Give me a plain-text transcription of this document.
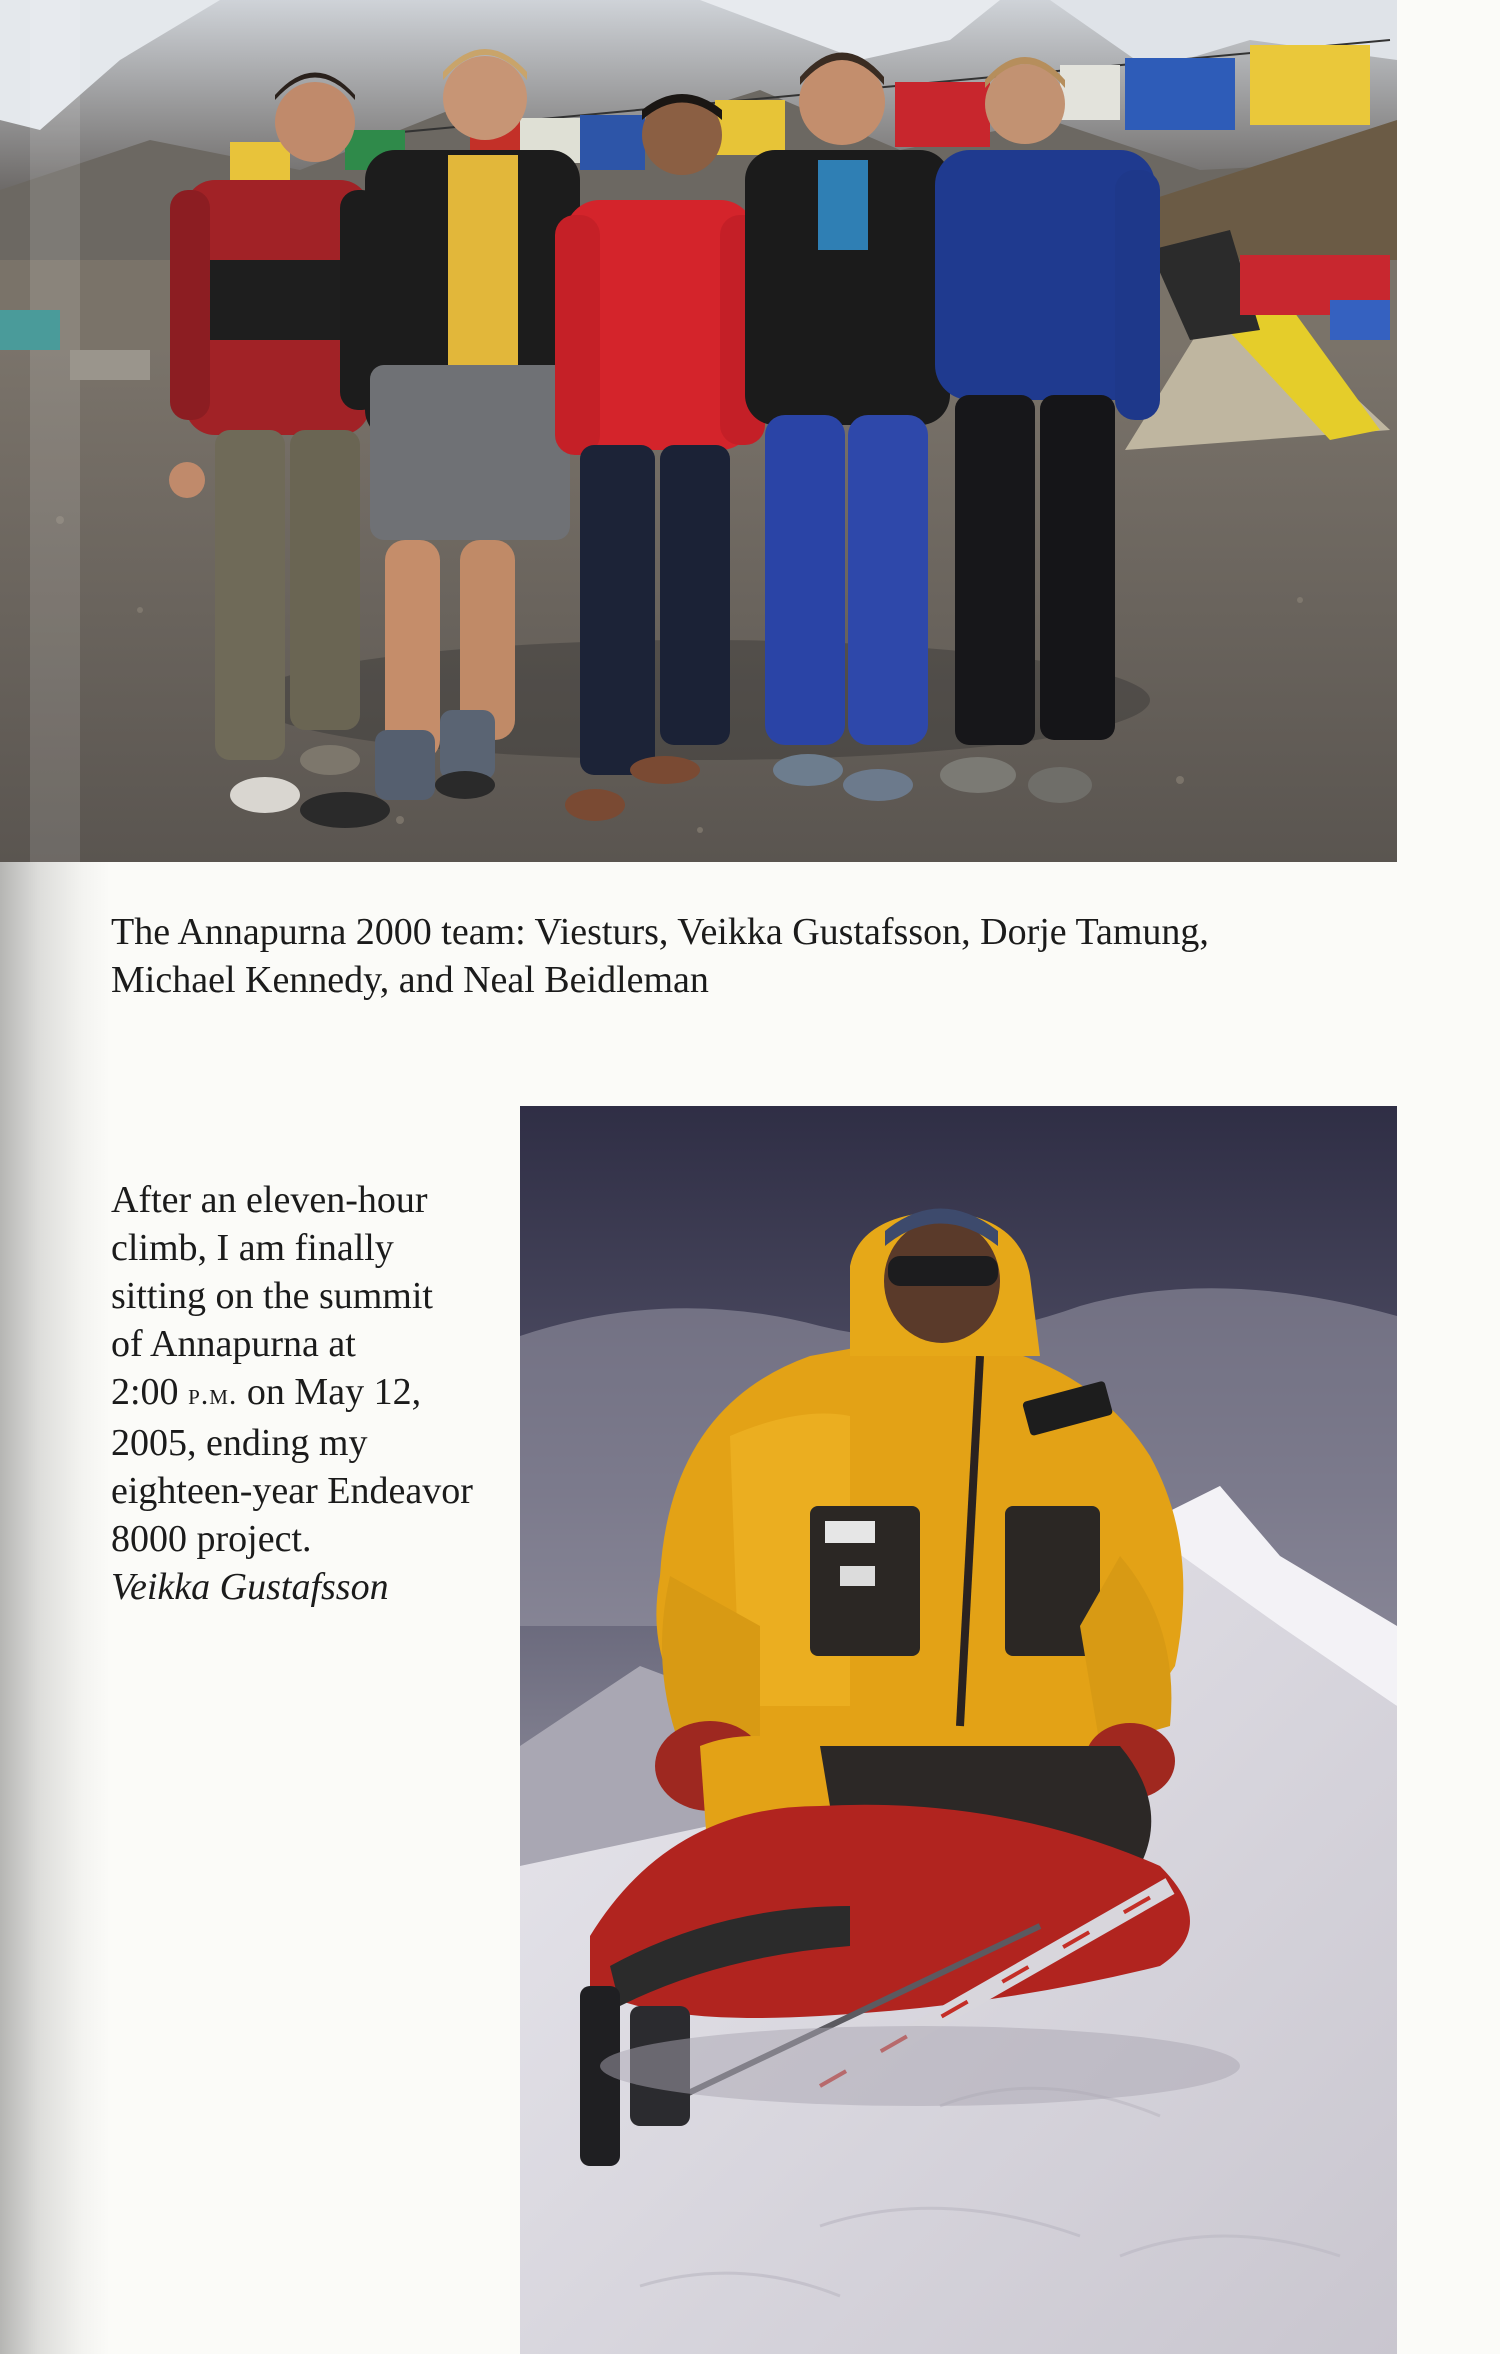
The Annapurna 2000 team: Viesturs, Veikka Gustafsson, Dorje Tamung,
Michael Kennedy, and Neal Beidleman
After an eleven-hour
climb, I am finally
sitting on the summit
of Annapurna at
2:00 p.m. on May 12,
2005, ending my
eighteen-year Endeavor
8000 project.
Veikka Gustafsson
